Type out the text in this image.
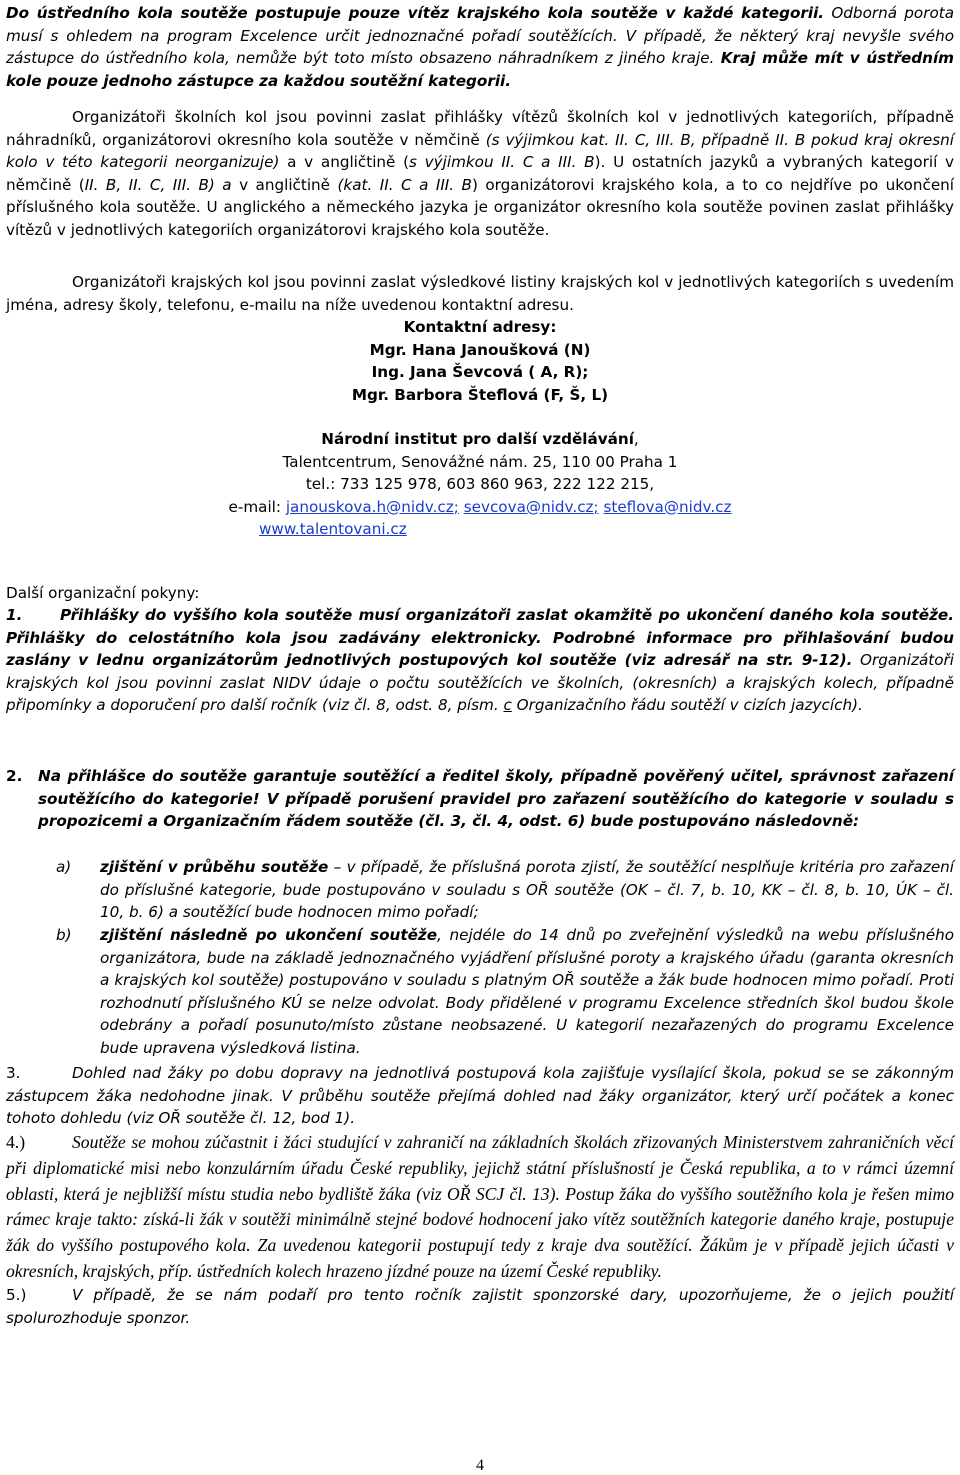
Do ústředního kola soutěže postupuje pouze vítěz krajského kola soutěže v každé kategorii. Odborná porota musí s ohledem na program Excelence určit jednoznačné pořadí soutěžících. V případě, že některý kraj nevyšle svého zástupce do ústředního kola, nemůže být toto místo obsazeno náhradníkem z jiného kraje. Kraj může mít v ústředním kole pouze jednoho zástupce za každou soutěžní kategorii.

Organizátoři školních kol jsou povinni zaslat přihlášky vítězů školních kol v jednotlivých kategoriích, případně náhradníků, organizátorovi okresního kola soutěže v němčině (s výjimkou kat. II. C, III. B, případně II. B pokud kraj okresní kolo v této kategorii neorganizuje) a v angličtině (s výjimkou II. C a III. B). U ostatních jazyků a vybraných kategorií v němčině (II. B, II. C, III. B) a v angličtině (kat. II. C a III. B) organizátorovi krajského kola, a to co nejdříve po ukončení příslušného kola soutěže. U anglického a německého jazyka je organizátor okresního kola soutěže povinen zaslat přihlášky vítězů v jednotlivých kategoriích organizátorovi krajského kola soutěže.

Organizátoři krajských kol jsou povinni zaslat výsledkové listiny krajských kol v jednotlivých kategoriích s uvedením jména, adresy školy, telefonu, e-mailu na níže uvedenou kontaktní adresu.

Kontaktní adresy:
Mgr. Hana Janoušková (N)
Ing. Jana Ševcová ( A, R);
Mgr. Barbora Šteflová (F, Š, L)
Národní institut pro další vzdělávání,
Talentcentrum, Senovážné nám. 25, 110 00 Praha 1
tel.: 733 125 978, 603 860 963, 222 122 215,
e-mail: janouskova.h@nidv.cz; sevcova@nidv.cz; steflova@nidv.cz
www.talentovani.cz

Další organizační pokyny:

1. Přihlášky do vyššího kola soutěže musí organizátoři zaslat okamžitě po ukončení daného kola soutěže. Přihlášky do celostátního kola jsou zadávány elektronicky. Podrobné informace pro přihlašování budou zaslány v lednu organizátorům jednotlivých postupových kol soutěže (viz adresář na str. 9-12). Organizátoři krajských kol jsou povinni zaslat NIDV údaje o počtu soutěžících ve školních, (okresních) a krajských kolech, případně připomínky a doporučení pro další ročník (viz čl. 8, odst. 8, písm. c Organizačního řádu soutěží v cizích jazycích).

2. Na přihlášce do soutěže garantuje soutěžící a ředitel školy, případně pověřený učitel, správnost zařazení soutěžícího do kategorie! V případě porušení pravidel pro zařazení soutěžícího do kategorie v souladu s propozicemi a Organizačním řádem soutěže (čl. 3, čl. 4, odst. 6) bude postupováno následovně:
a) zjištění v průběhu soutěže – v případě, že příslušná porota zjistí, že soutěžící nesplňuje kritéria pro zařazení do příslušné kategorie, bude postupováno v souladu s OŘ soutěže (OK – čl. 7, b. 10, KK – čl. 8, b. 10, ÚK – čl. 10, b. 6) a soutěžící bude hodnocen mimo pořadí;
b) zjištění následně po ukončení soutěže, nejdéle do 14 dnů po zveřejnění výsledků na webu příslušného organizátora, bude na základě jednoznačného vyjádření příslušné poroty a krajského úřadu (garanta okresních a krajských kol soutěže) postupováno v souladu s platným OŘ soutěže a žák bude hodnocen mimo pořadí. Proti rozhodnutí příslušného KÚ se nelze odvolat. Body přidělené v programu Excelence středních škol budou škole odebrány a pořadí posunuto/místo zůstane neobsazené. U kategorií nezařazených do programu Excelence bude upravena výsledková listina.

3.	Dohled nad žáky po dobu dopravy na jednotlivá postupová kola zajišťuje vysílající škola, pokud se se zákonným zástupcem žáka nedohodne jinak. V průběhu soutěže přejímá dohled nad žáky organizátor, který určí počátek a konec tohoto dohledu (viz OŘ soutěže čl. 12, bod 1).

4.)	Soutěže se mohou zúčastnit i žáci studující v zahraničí na základních školách zřizovaných Ministerstvem zahraničních věcí při diplomatické misi nebo konzulárním úřadu České republiky, jejichž státní příslušností je Česká republika, a to v rámci územní oblasti, která je nejbližší místu studia nebo bydliště žáka (viz OŘ SCJ čl. 13). Postup žáka do vyššího soutěžního kola je řešen mimo rámec kraje takto: získá-li žák v soutěži minimálně stejné bodové hodnocení jako vítěz soutěžních kategorie daného kraje, postupuje žák do vyššího postupového kola. Za uvedenou kategorii postupují tedy z kraje dva soutěžící. Žákům je v případě jejich účasti v okresních, krajských, příp. ústředních kolech hrazeno jízdné pouze na území České republiky.

5.)	V případě, že se nám podaří pro tento ročník zajistit sponzorské dary, upozorňujeme, že o jejich použití spolurozhoduje sponzor.

4
